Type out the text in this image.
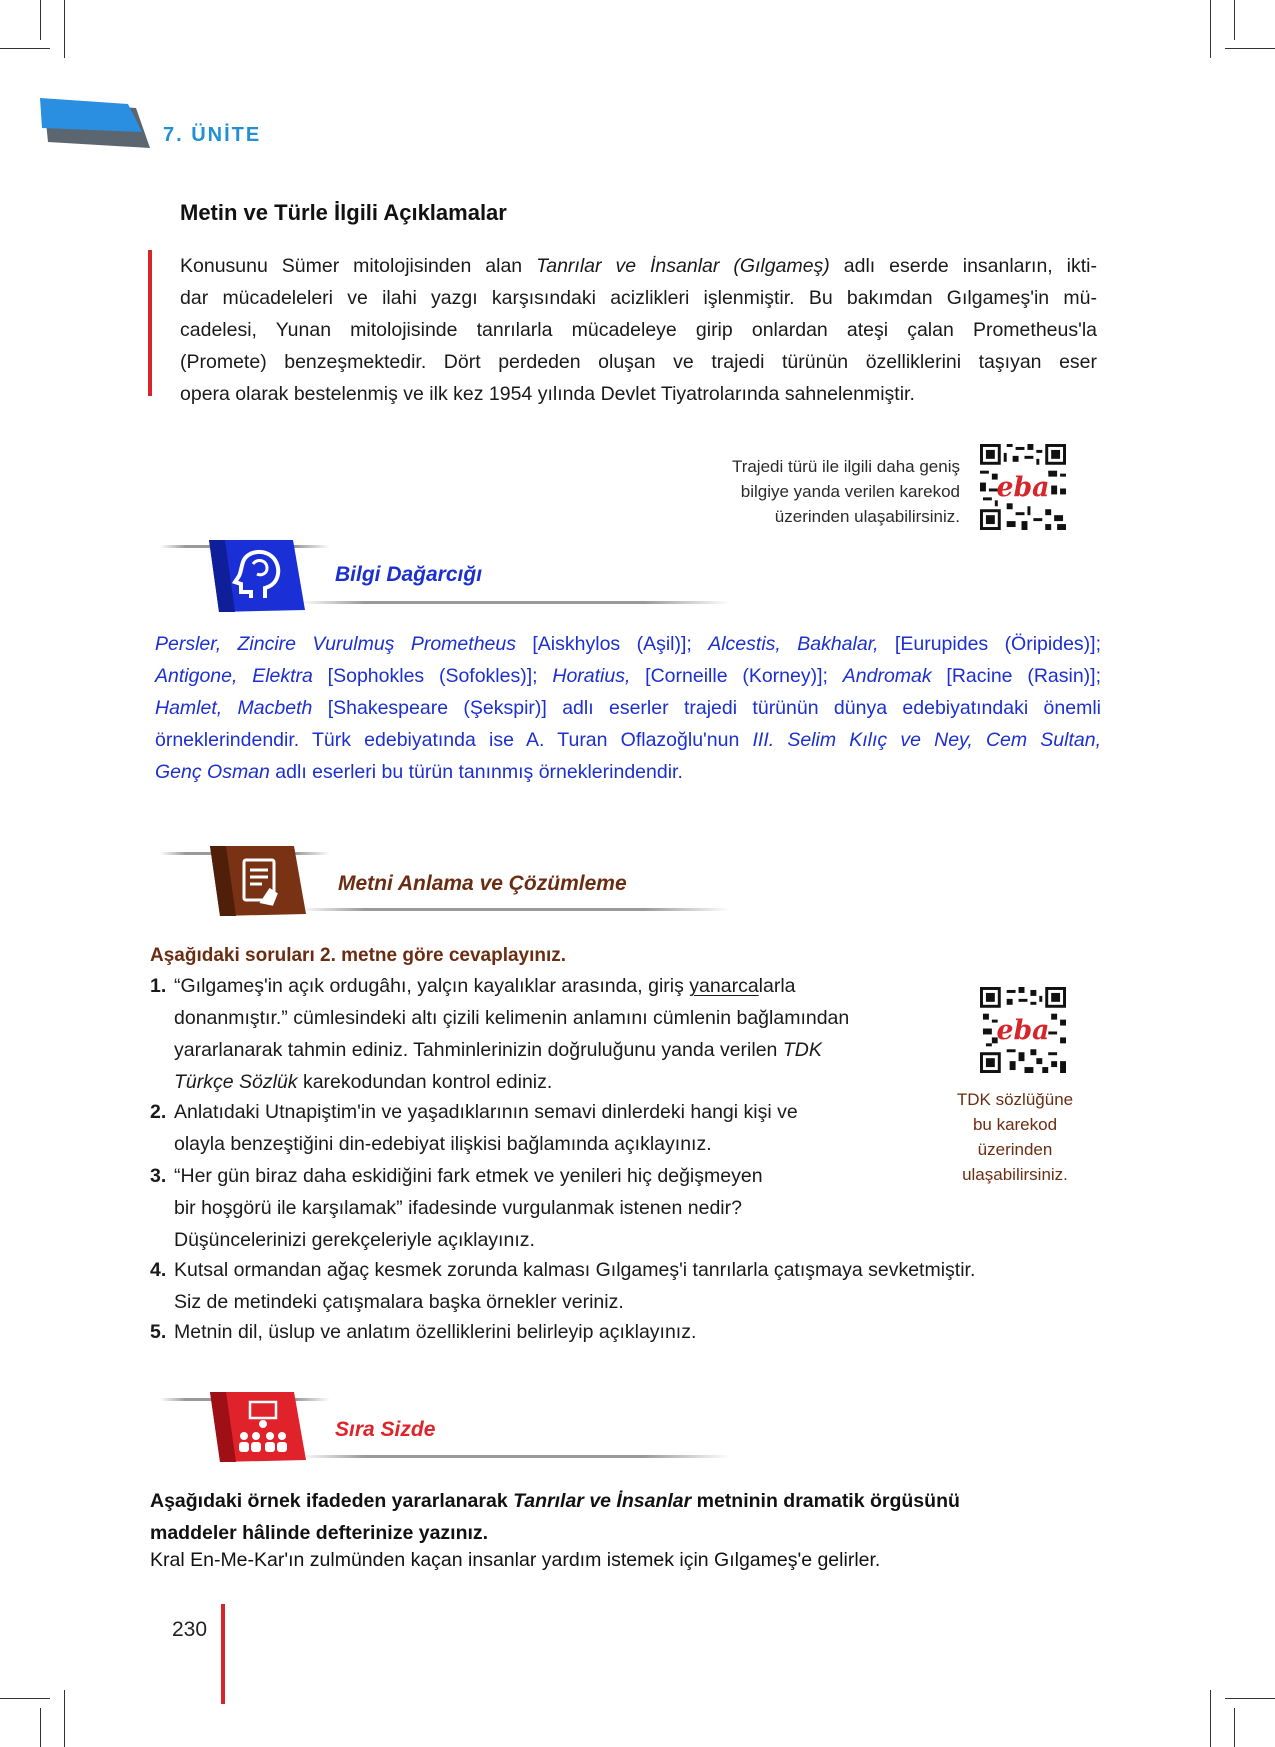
7. ÜNİTE
Metin ve Türle İlgili Açıklamalar
Konusunu Sümer mitolojisinden alan Tanrılar ve İnsanlar (Gılgameş) adlı eserde insanların, ikti-
dar mücadeleleri ve ilahi yazgı karşısındaki acizlikleri işlenmiştir. Bu bakımdan Gılgameş'in mü-
cadelesi, Yunan mitolojisinde tanrılarla mücadeleye girip onlardan ateşi çalan Prometheus'la
(Promete) benzeşmektedir. Dört perdeden oluşan ve trajedi türünün özelliklerini taşıyan eser
opera olarak bestelenmiş ve ilk kez 1954 yılında Devlet Tiyatrolarında sahnelenmiştir.
Trajedi türü ile ilgili daha geniş
bilgiye yanda verilen karekod
üzerinden ulaşabilirsiniz.
eba
Bilgi Dağarcığı
Persler, Zincire Vurulmuş Prometheus [Aiskhylos (Aşil)]; Alcestis, Bakhalar, [Eurupides (Öripides)];
Antigone, Elektra [Sophokles (Sofokles)]; Horatius, [Corneille (Korney)]; Andromak [Racine (Rasin)];
Hamlet, Macbeth [Shakespeare (Şekspir)] adlı eserler trajedi türünün dünya edebiyatındaki önemli
örneklerindendir. Türk edebiyatında ise A. Turan Oflazoğlu'nun III. Selim Kılıç ve Ney, Cem Sultan,
Genç Osman adlı eserleri bu türün tanınmış örneklerindendir.
Metni Anlama ve Çözümleme
Aşağıdaki soruları 2. metne göre cevaplayınız.
1. “Gılgameş'in açık ordugâhı, yalçın kayalıklar arasında, giriş yanarcalarla
donanmıştır.” cümlesindeki altı çizili kelimenin anlamını cümlenin bağlamından
yararlanarak tahmin ediniz. Tahminlerinizin doğruluğunu yanda verilen TDK
Türkçe Sözlük karekodundan kontrol ediniz.
2. Anlatıdaki Utnapiştim'in ve yaşadıklarının semavi dinlerdeki hangi kişi ve
olayla benzeştiğini din-edebiyat ilişkisi bağlamında açıklayınız.
3. “Her gün biraz daha eskidiğini fark etmek ve yenileri hiç değişmeyen
bir hoşgörü ile karşılamak” ifadesinde vurgulanmak istenen nedir?
Düşüncelerinizi gerekçeleriyle açıklayınız.
4. Kutsal ormandan ağaç kesmek zorunda kalması Gılgameş'i tanrılarla çatışmaya sevketmiştir.
Siz de metindeki çatışmalara başka örnekler veriniz.
5. Metnin dil, üslup ve anlatım özelliklerini belirleyip açıklayınız.
eba
TDK sözlüğüne
bu karekod
üzerinden
ulaşabilirsiniz.
Sıra Sizde
Aşağıdaki örnek ifadeden yararlanarak Tanrılar ve İnsanlar metninin dramatik örgüsünü
maddeler hâlinde defterinize yazınız.
Kral En-Me-Kar'ın zulmünden kaçan insanlar yardım istemek için Gılgameş'e gelirler.
230
